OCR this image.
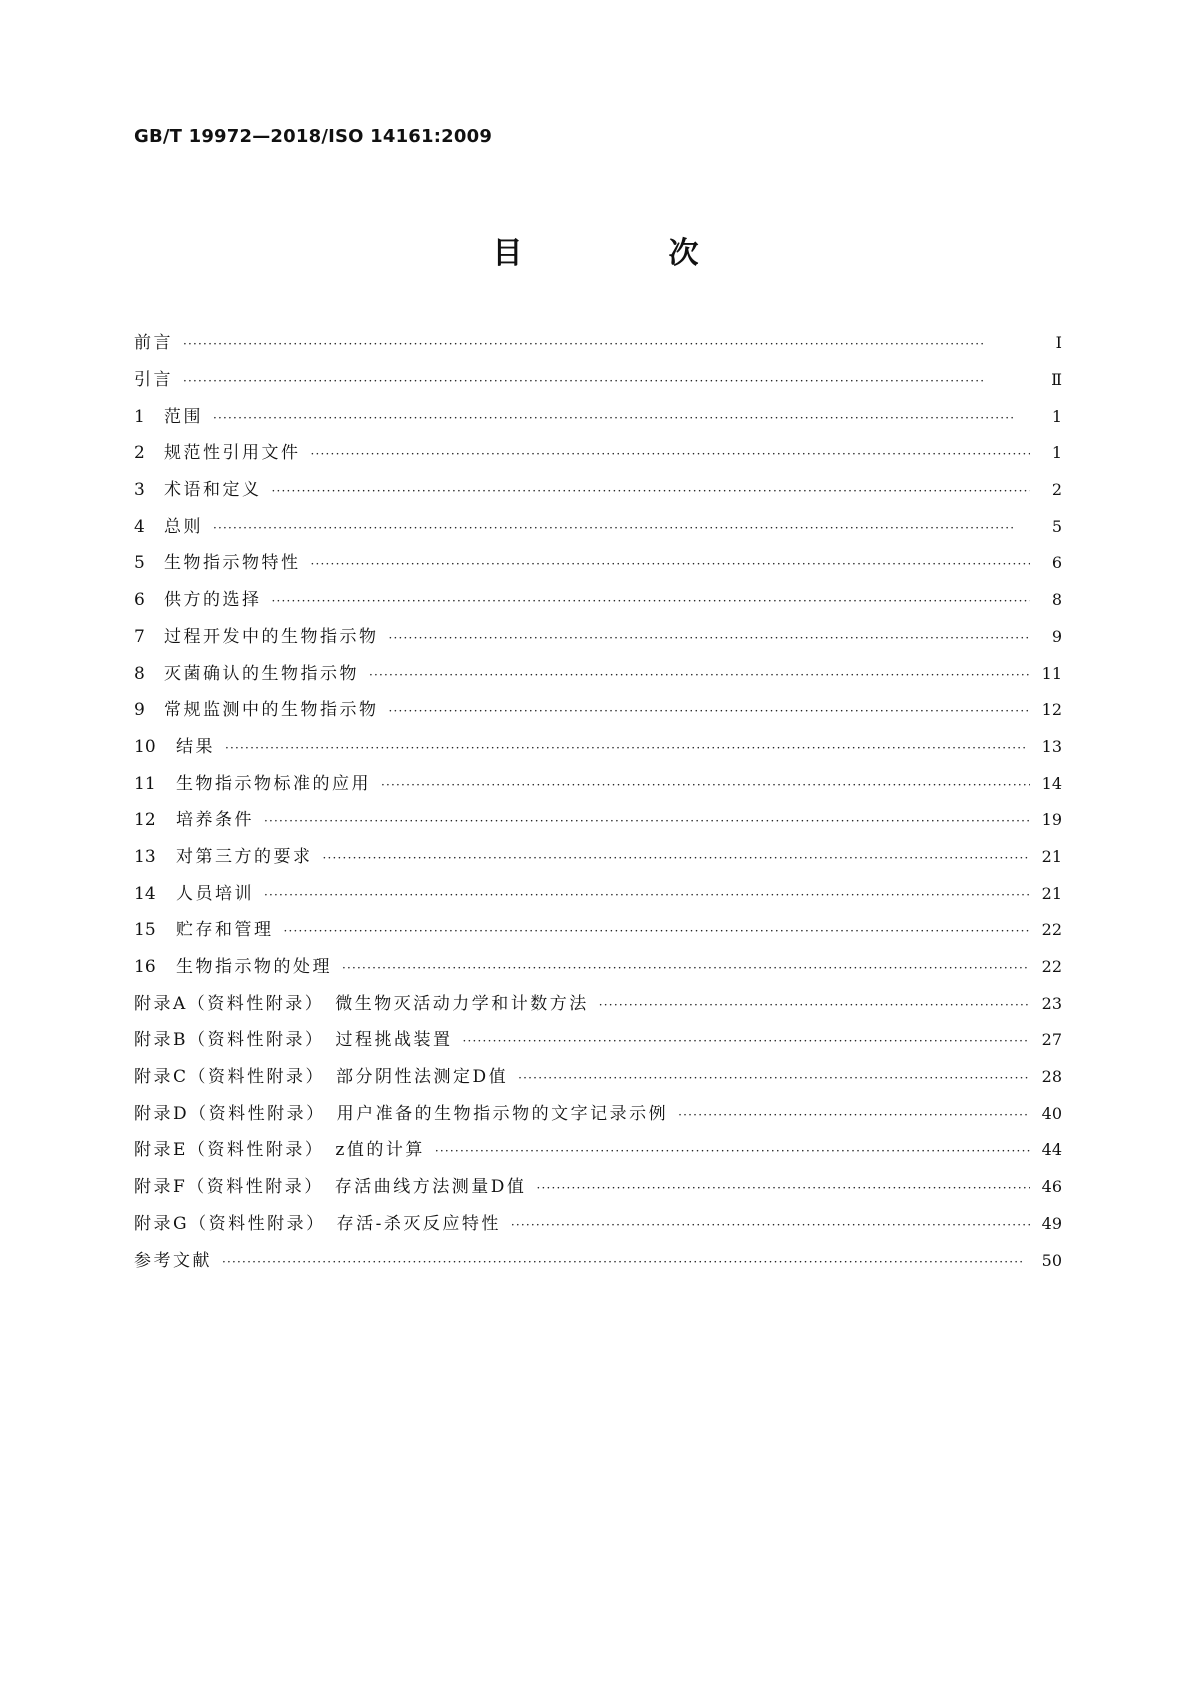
GB/T 19972—2018/ISO 14161:2009
目　次
前言 ·····	Ⅰ
引言 ·····	Ⅱ
1	范围 ·····	1
2	规范性引用文件 ·····	1
3	术语和定义 ·····	2
4	总则 ·····	5
5	生物指示物特性 ·····	6
6	供方的选择 ·····	8
7	过程开发中的生物指示物 ·····	9
8	灭菌确认的生物指示物 ·····	11
9	常规监测中的生物指示物 ·····	12
10	结果 ·····	13
11	生物指示物标准的应用 ·····	14
12	培养条件 ·····	19
13	对第三方的要求 ·····	21
14	人员培训 ·····	21
15	贮存和管理 ·····	22
16	生物指示物的处理 ·····	22
附录A（资料性附录）　微生物灭活动力学和计数方法 ·····	23
附录B（资料性附录）　过程挑战装置 ·····	27
附录C（资料性附录）　部分阴性法测定D值 ·····	28
附录D（资料性附录）　用户准备的生物指示物的文字记录示例 ·····	40
附录E（资料性附录）　z值的计算 ·····	44
附录F（资料性附录）　存活曲线方法测量D值 ·····	46
附录G（资料性附录）　存活-杀灭反应特性 ·····	49
参考文献 ·····	50
